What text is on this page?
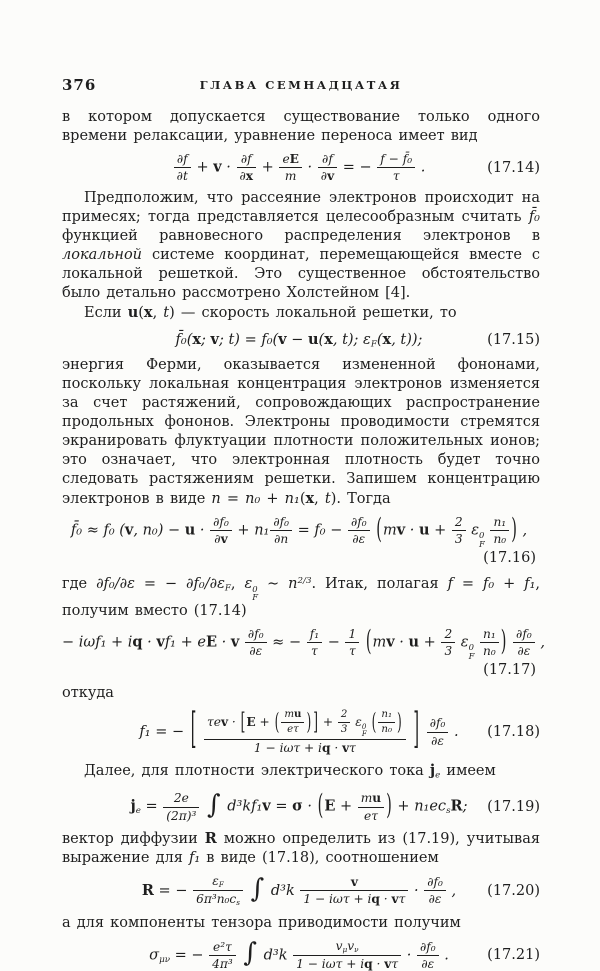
376	ГЛАВА СЕМНАДЦАТАЯ

в котором допускается существование только одного времени релаксации, уравнение переноса имеет вид

$\frac{\partial f}{\partial t} + v \cdot \frac{\partial f}{\partial x} + \frac{eE}{m} \cdot \frac{\partial f}{\partial v}$ = − $\frac{\text{f − f̄₀}}{\tau}$ .	(17.14)

Предположим, что рассеяние электронов происходит на примесях; тогда представляется целесообразным считать f̄₀ функцией равновесного распределения электронов в локальной системе координат, перемещающейся вместе с локальной решеткой. Это существенное обстоятельство было детально рассмотрено Холстейном [4].

Если u(x, t) — скорость локальной решетки, то

f̄₀(x; v; t) = f₀(v − u(x, t); εF(x, t));	(17.15)

энергия Ферми, оказывается измененной фононами, поскольку локальная концентрация электронов изменяется за счет растяжений, сопровождающих распространение продольных фононов. Электроны проводимости стремятся экранировать флуктуации плотности положительных ионов; это означает, что электронная плотность будет точно следовать растяжениям решетки. Запишем концентрацию электронов в виде n = n₀ + n₁(x, t). Тогда

f̄₀ ≈ f₀ (v, $n_0) - u \cdot \frac{\text{∂f₀}}{\partial v} + n_1 \frac{\text{∂f₀}}{\partial n} = f_0 - \frac{\text{∂f₀}}{\partial\varepsilon} (mv \cdot u + \frac{2}{3}$ ε 0
F
$\frac{\text{n₁}}{\text{n₀}}$ ) ,
(17.16)

где ∂f₀/∂ε = − ∂f₀/∂εF, ε 0
F
∼ $n^{2/3}$. Итак, полагая f = f₀ + f₁, получим вместо (17.14)

− iωf₁ + iq · vf₁ + eE · v $\frac{\text{∂f₀}}{\partial\varepsilon}$ ≈ − $\frac{\text{f₁}}{\tau} - \frac{1}{\tau} (mv \cdot u + \frac{2}{3}$ ε 0
F
$\frac{\text{n₁}}{\text{n₀}}$ ) $\frac{\text{∂f₀}}{\partial\varepsilon}$ ,
(17.17)

откуда

f₁ = − [ τev · [E + ( $\frac{mu}{e\tau}$ ) ] + $\frac{2}{3}$ ε 0
F ( $\frac{\text{n₁}}{\text{n₀}}$ )
1 − iωτ + iq · vτ ] $\frac{\text{∂f₀}}{\partial\varepsilon}$ . (17.18)

Далее, для плотности электрического тока je имеем

je = $\frac{2e}{\text{(2π)³}}$ ∫ $d^3kf_1v = \sigma \cdot (E + \frac{mu}{e\tau}$ ) + n₁ecsR; (17.19)

вектор диффузии R можно определить из (17.19), учитывая выражение для f₁ в виде (17.18), соотношением

R = − $\frac{\varepsilon F}{\text{6π³n₀cs}}$ ∫ $d^3k \frac{v}{\text{1 − iωτ + iq · vτ}} \cdot \frac{\text{∂f₀}}{\partial\varepsilon}$ , (17.20)

а для компоненты тензора приводимости получим

σμν = − $\frac{\text{e²τ}}{\text{4π³}}$ ∫ $d^3k \frac{\text{vμvν}}{\text{1 − iωτ + iq · vτ}} \cdot \frac{\text{∂f₀}}{\partial\varepsilon}$ .	(17.21)
